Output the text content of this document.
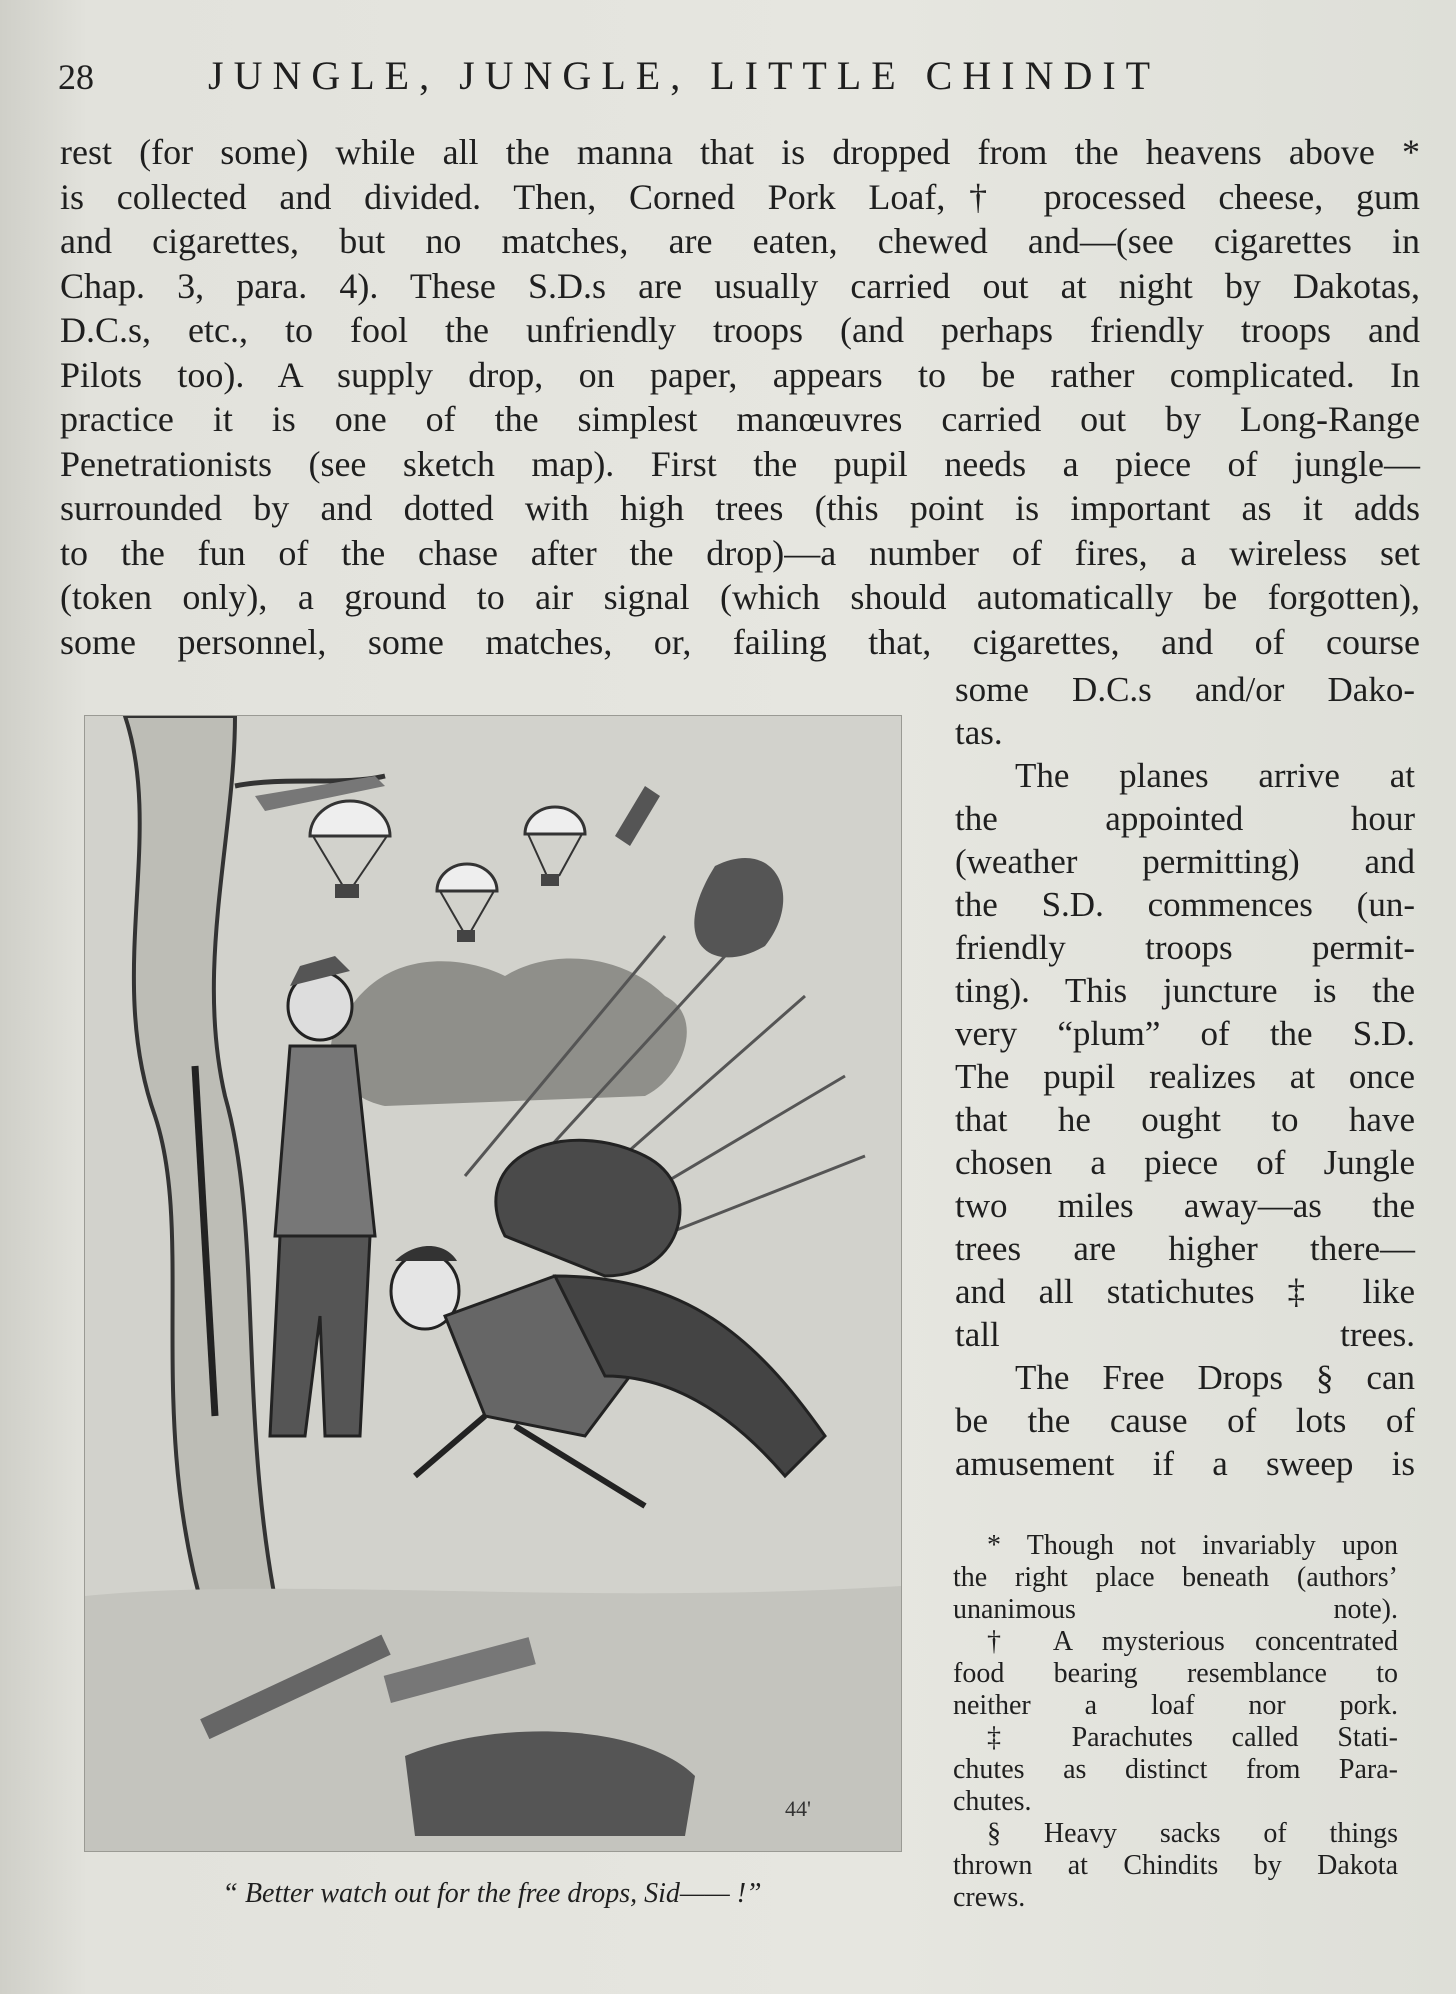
28	JUNGLE, JUNGLE, LITTLE CHINDIT
rest (for some) while all the manna that is dropped from the heavens above *
is collected and divided. Then, Corned Pork Loaf,† processed cheese, gum
and cigarettes, but no matches, are eaten, chewed and—(see cigarettes in
Chap. 3, para. 4). These S.D.s are usually carried out at night by Dakotas,
D.C.s, etc., to fool the unfriendly troops (and perhaps friendly troops and
Pilots too). A supply drop, on paper, appears to be rather complicated. In
practice it is one of the simplest manœuvres carried out by Long-Range
Penetrationists (see sketch map). First the pupil needs a piece of jungle—
surrounded by and dotted with high trees (this point is important as it adds
to the fun of the chase after the drop)—a number of fires, a wireless set
(token only), a ground to air signal (which should automatically be forgotten),
some personnel, some matches, or, failing that, cigarettes, and of course
44'
“ Better watch out for the free drops, Sid—— !”
some D.C.s and/or Dako-
tas.
The planes arrive at
the appointed hour
(weather permitting) and
the S.D. commences (un-
friendly troops permit-
ting). This juncture is the
very “plum” of the S.D.
The pupil realizes at once
that he ought to have
chosen a piece of Jungle
two miles away—as the
trees are higher there—
and all statichutes ‡ like
tall trees.
The Free Drops § can
be the cause of lots of
amusement if a sweep is
* Though not invariably upon
the right place beneath (authors’
unanimous note).
† A mysterious concentrated
food bearing resemblance to
neither a loaf nor pork.
‡ Parachutes called Stati-
chutes as distinct from Para-
chutes.
§ Heavy sacks of things
thrown at Chindits by Dakota
crews.
